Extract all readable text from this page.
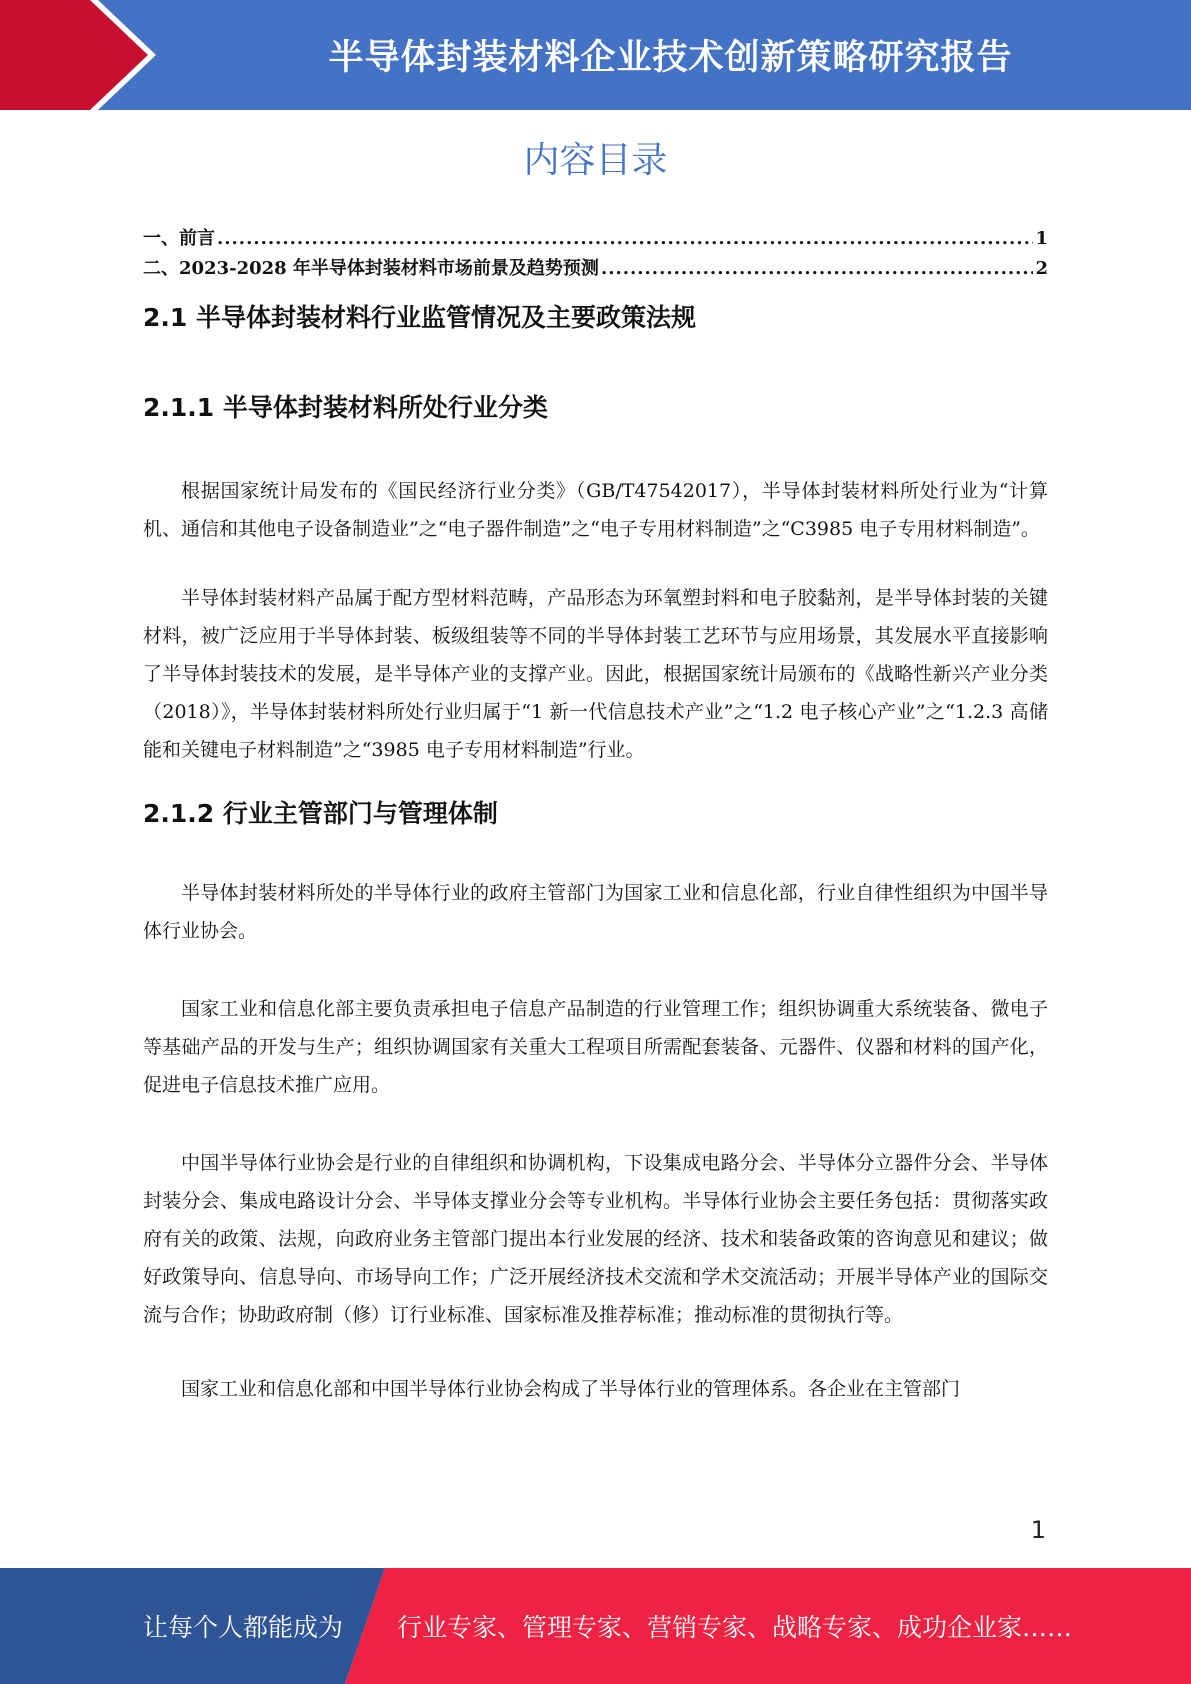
半导体封装材料企业技术创新策略研究报告
内容目录
一、前言 .....	1
二、2023-2028 年半导体封装材料市场前景及趋势预测 .....	2
2.1 半导体封装材料行业监管情况及主要政策法规
2.1.1 半导体封装材料所处行业分类

根据国家统计局发布的《国民经济行业分类》（GB/T47542017），半导体封装材料所处行业为“计算机、通信和其他电子设备制造业”之“电子器件制造”之“电子专用材料制造”之“C3985 电子专用材料制造”。

半导体封装材料产品属于配方型材料范畴，产品形态为环氧塑封料和电子胶黏剂，是半导体封装的关键材料，被广泛应用于半导体封装、板级组装等不同的半导体封装工艺环节与应用场景，其发展水平直接影响了半导体封装技术的发展，是半导体产业的支撑产业。因此，根据国家统计局颁布的《战略性新兴产业分类（2018）》，半导体封装材料所处行业归属于“1 新一代信息技术产业”之“1.2 电子核心产业”之“1.2.3 高储能和关键电子材料制造”之“3985 电子专用材料制造”行业。

2.1.2 行业主管部门与管理体制

半导体封装材料所处的半导体行业的政府主管部门为国家工业和信息化部，行业自律性组织为中国半导体行业协会。

国家工业和信息化部主要负责承担电子信息产品制造的行业管理工作；组织协调重大系统装备、微电子等基础产品的开发与生产；组织协调国家有关重大工程项目所需配套装备、元器件、仪器和材料的国产化，促进电子信息技术推广应用。

中国半导体行业协会是行业的自律组织和协调机构，下设集成电路分会、半导体分立器件分会、半导体封装分会、集成电路设计分会、半导体支撑业分会等专业机构。半导体行业协会主要任务包括：贯彻落实政府有关的政策、法规，向政府业务主管部门提出本行业发展的经济、技术和装备政策的咨询意见和建议；做好政策导向、信息导向、市场导向工作；广泛开展经济技术交流和学术交流活动；开展半导体产业的国际交流与合作；协助政府制（修）订行业标准、国家标准及推荐标准；推动标准的贯彻执行等。

国家工业和信息化部和中国半导体行业协会构成了半导体行业的管理体系。各企业在主管部门

1
让每个人都能成为 行业专家、管理专家、营销专家、战略专家、成功企业家……
